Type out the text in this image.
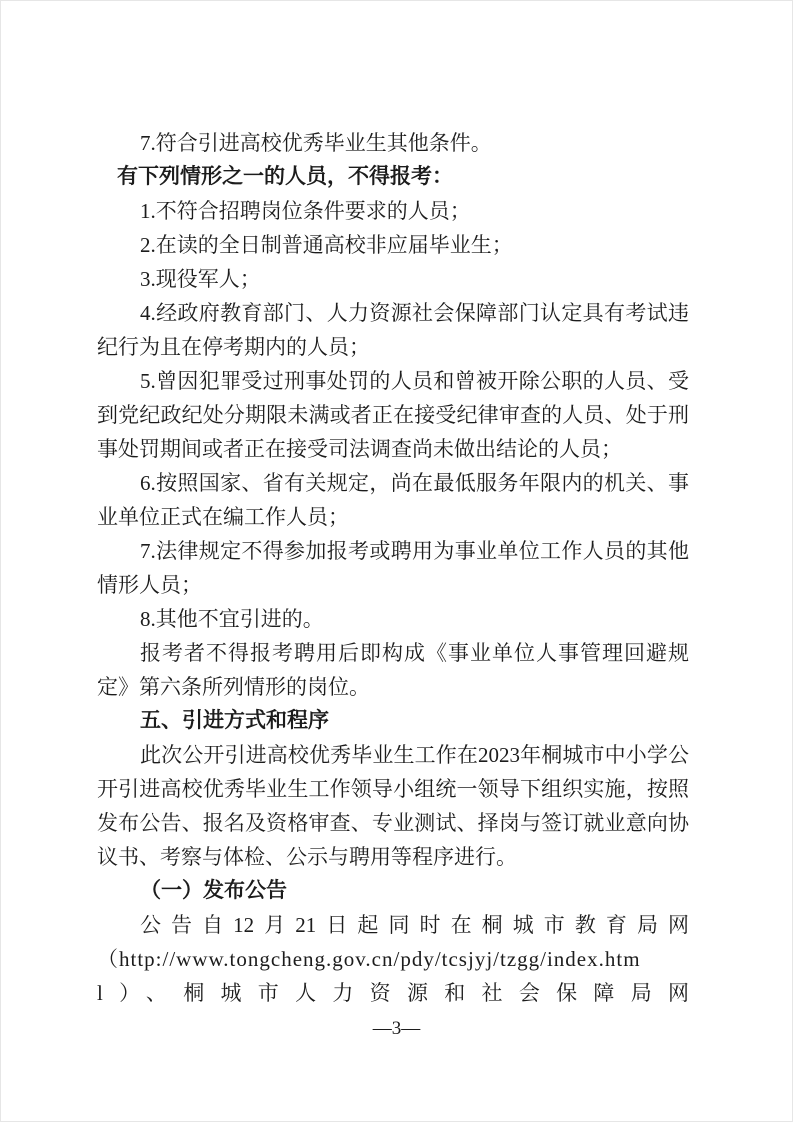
7.符合引进高校优秀毕业生其他条件。

有下列情形之一的人员，不得报考：

1.不符合招聘岗位条件要求的人员；

2.在读的全日制普通高校非应届毕业生；

3.现役军人；

4.经政府教育部门、人力资源社会保障部门认定具有考试违纪行为且在停考期内的人员；

5.曾因犯罪受过刑事处罚的人员和曾被开除公职的人员、受到党纪政纪处分期限未满或者正在接受纪律审查的人员、处于刑事处罚期间或者正在接受司法调查尚未做出结论的人员；

6.按照国家、省有关规定，尚在最低服务年限内的机关、事业单位正式在编工作人员；

7.法律规定不得参加报考或聘用为事业单位工作人员的其他情形人员；

8.其他不宜引进的。

报考者不得报考聘用后即构成《事业单位人事管理回避规定》第六条所列情形的岗位。

五、引进方式和程序

此次公开引进高校优秀毕业生工作在2023年桐城市中小学公开引进高校优秀毕业生工作领导小组统一领导下组织实施，按照发布公告、报名及资格审查、专业测试、择岗与签订就业意向协议书、考察与体检、公示与聘用等程序进行。

（一）发布公告

公告自12月21日起同时在桐城市教育局网

（http://www.tongcheng.gov.cn/pdy/tcsjyj/tzgg/index.htm

l）、桐城市人力资源和社会保障局网

—3—
